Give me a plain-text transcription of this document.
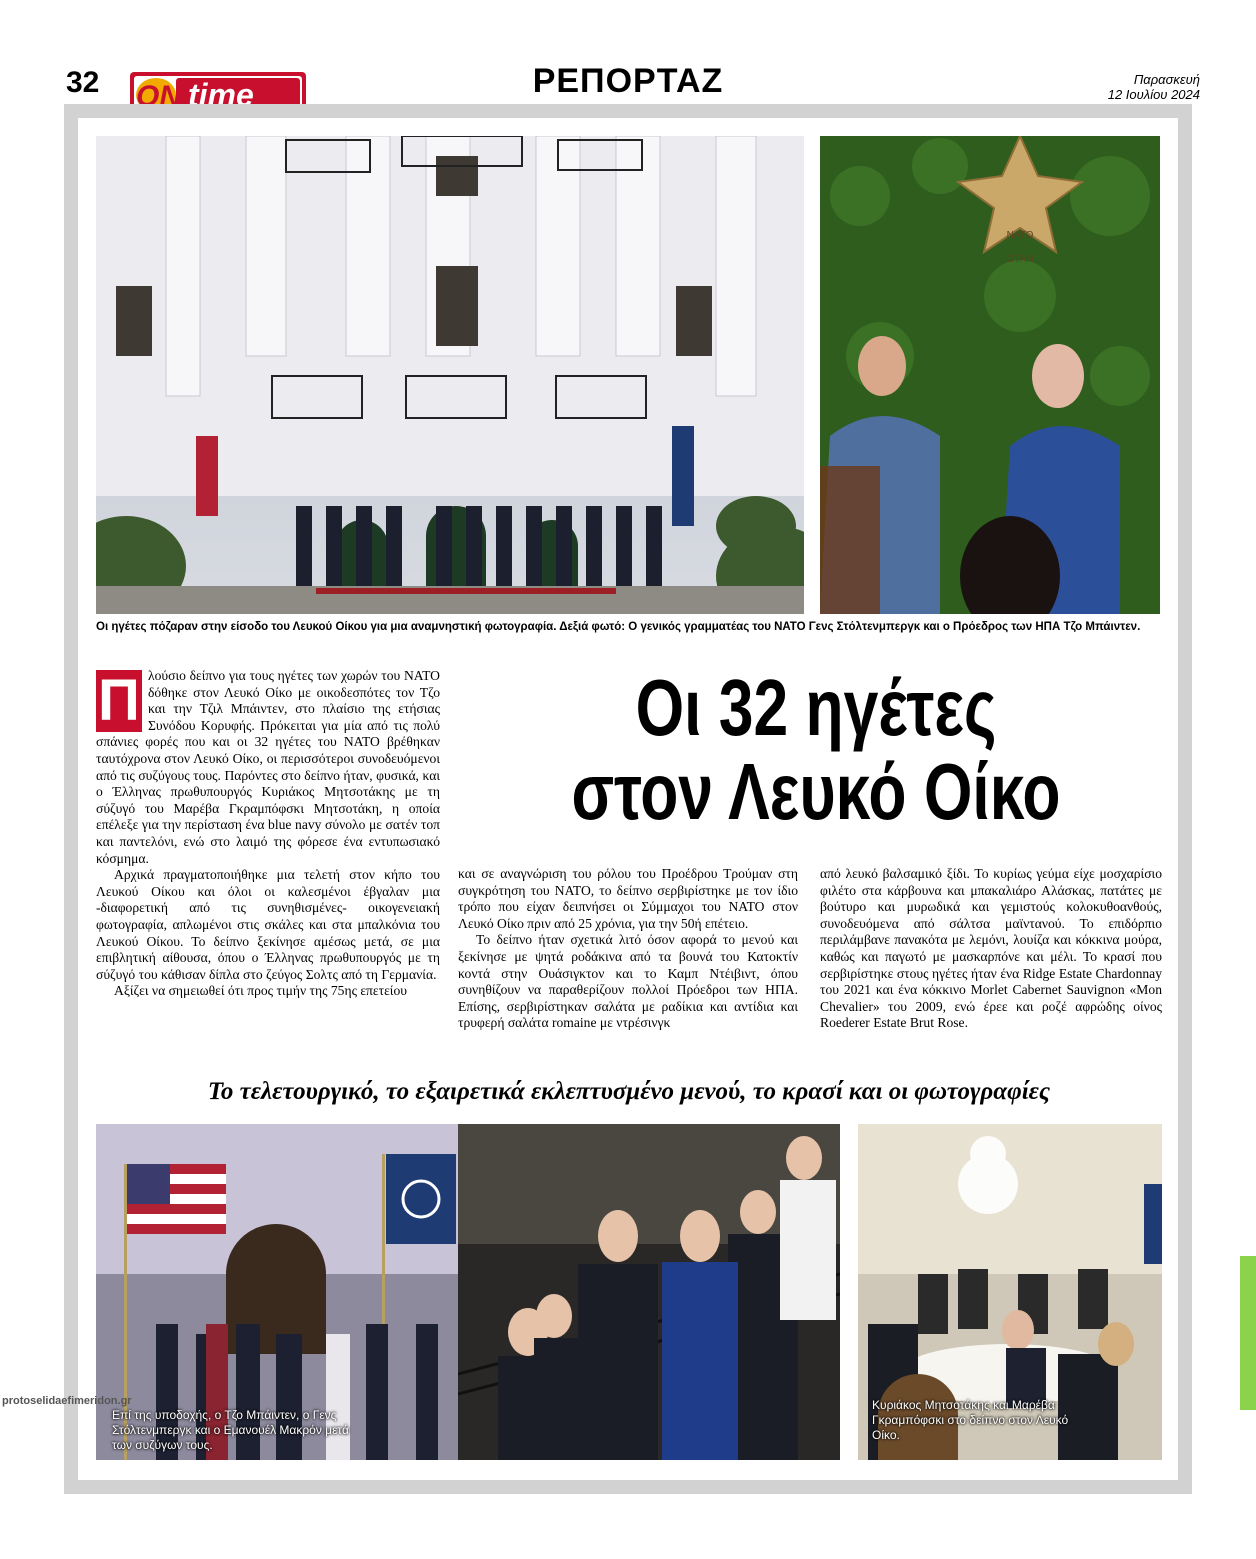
32 ON time	ΡΕΠΟΡΤΑΖ	Παρασκευή
12 Ιουλίου 2024
NATO
OTAN
Οι ηγέτες πόζαραν στην είσοδο του Λευκού Οίκου για μια αναμνηστική φωτογραφία. Δεξιά φωτό: Ο γενικός γραμματέας του ΝΑΤΟ Γενς Στόλτενμπεργκ και ο Πρόεδρος των ΗΠΑ Τζο Μπάιντεν.
Οι 32 ηγέτες
στον Λευκό Οίκο

Π λούσιο δείπνο για τους ηγέτες των χωρών του ΝΑΤΟ δόθηκε στον Λευκό Οίκο με οικοδεσπότες τον Τζο και την Τζιλ Μπάιντεν, στο πλαίσιο της ετήσιας Συνόδου Κορυφής. Πρόκειται για μία από τις πολύ σπάνιες φορές που και οι 32 ηγέτες του ΝΑΤΟ βρέθηκαν ταυτόχρονα στον Λευκό Οίκο, οι περισσότεροι συνοδευόμενοι από τις συζύγους τους. Παρόντες στο δείπνο ήταν, φυσικά, και ο Έλληνας πρωθυπουργός Κυριάκος Μητσοτάκης με τη σύζυγό του Μαρέβα Γκραμπόφσκι Μητσοτάκη, η οποία επέλεξε για την περίσταση ένα blue navy σύνολο με σατέν τοπ και παντελόνι, ενώ στο λαιμό της φόρεσε ένα εντυπωσιακό κόσμημα.

Αρχικά πραγματοποιήθηκε μια τελετή στον κήπο του Λευκού Οίκου και όλοι οι καλεσμένοι έβγαλαν μια -διαφορετική από τις συνηθισμένες- οικογενειακή φωτογραφία, απλωμένοι στις σκάλες και στα μπαλκόνια του Λευκού Οίκου. Το δείπνο ξεκίνησε αμέσως μετά, σε μια επιβλητική αίθουσα, όπου ο Έλληνας πρωθυπουργός με τη σύζυγό του κάθισαν δίπλα στο ζεύγος Σολτς από τη Γερμανία.

Αξίζει να σημειωθεί ότι προς τιμήν της 75ης επετείου

και σε αναγνώριση του ρόλου του Προέδρου Τρούμαν στη συγκρότηση του ΝΑΤΟ, το δείπνο σερβιρίστηκε με τον ίδιο τρόπο που είχαν δειπνήσει οι Σύμμαχοι του ΝΑΤΟ στον Λευκό Οίκο πριν από 25 χρόνια, για την 50ή επέτειο.

Το δείπνο ήταν σχετικά λιτό όσον αφορά το μενού και ξεκίνησε με ψητά ροδάκινα από τα βουνά του Κατοκτίν κοντά στην Ουάσιγκτον και το Καμπ Ντέιβιντ, όπου συνηθίζουν να παραθερίζουν πολλοί Πρόεδροι των ΗΠΑ. Επίσης, σερβιρίστηκαν σαλάτα με ραδίκια και αντίδια και τρυφερή σαλάτα romaine με ντρέσινγκ

από λευκό βαλσαμικό ξίδι. Το κυρίως γεύμα είχε μοσχαρίσιο φιλέτο στα κάρβουνα και μπακαλιάρο Αλάσκας, πατάτες με βούτυρο και μυρωδικά και γεμιστούς κολοκυθοανθούς, συνοδευόμενα από σάλτσα μαϊντανού. Το επιδόρπιο περιλάμβανε πανακότα με λεμόνι, λουίζα και κόκκινα μούρα, καθώς και παγωτό με μασκαρπόνε και μέλι. Το κρασί που σερβιρίστηκε στους ηγέτες ήταν ένα Ridge Estate Chardonnay του 2021 και ένα κόκκινο Morlet Cabernet Sauvignon «Mon Chevalier» του 2009, ενώ έρεε και ροζέ αφρώδης οίνος Roederer Estate Brut Rose.

Το τελετουργικό, το εξαιρετικά εκλεπτυσμένο μενού, το κρασί και οι φωτογραφίες
Επί της υποδοχής, ο Τζο Μπάιντεν, ο Γενς Στόλτενμπεργκ και ο Εμανουέλ Μακρόν μετά των συζύγων τους.
Κυριάκος Μητσοτάκης και Μαρέβα Γκραμπόφσκι στο δείπνο στον Λευκό Οίκο.
protoselidaefimeridon.gr
